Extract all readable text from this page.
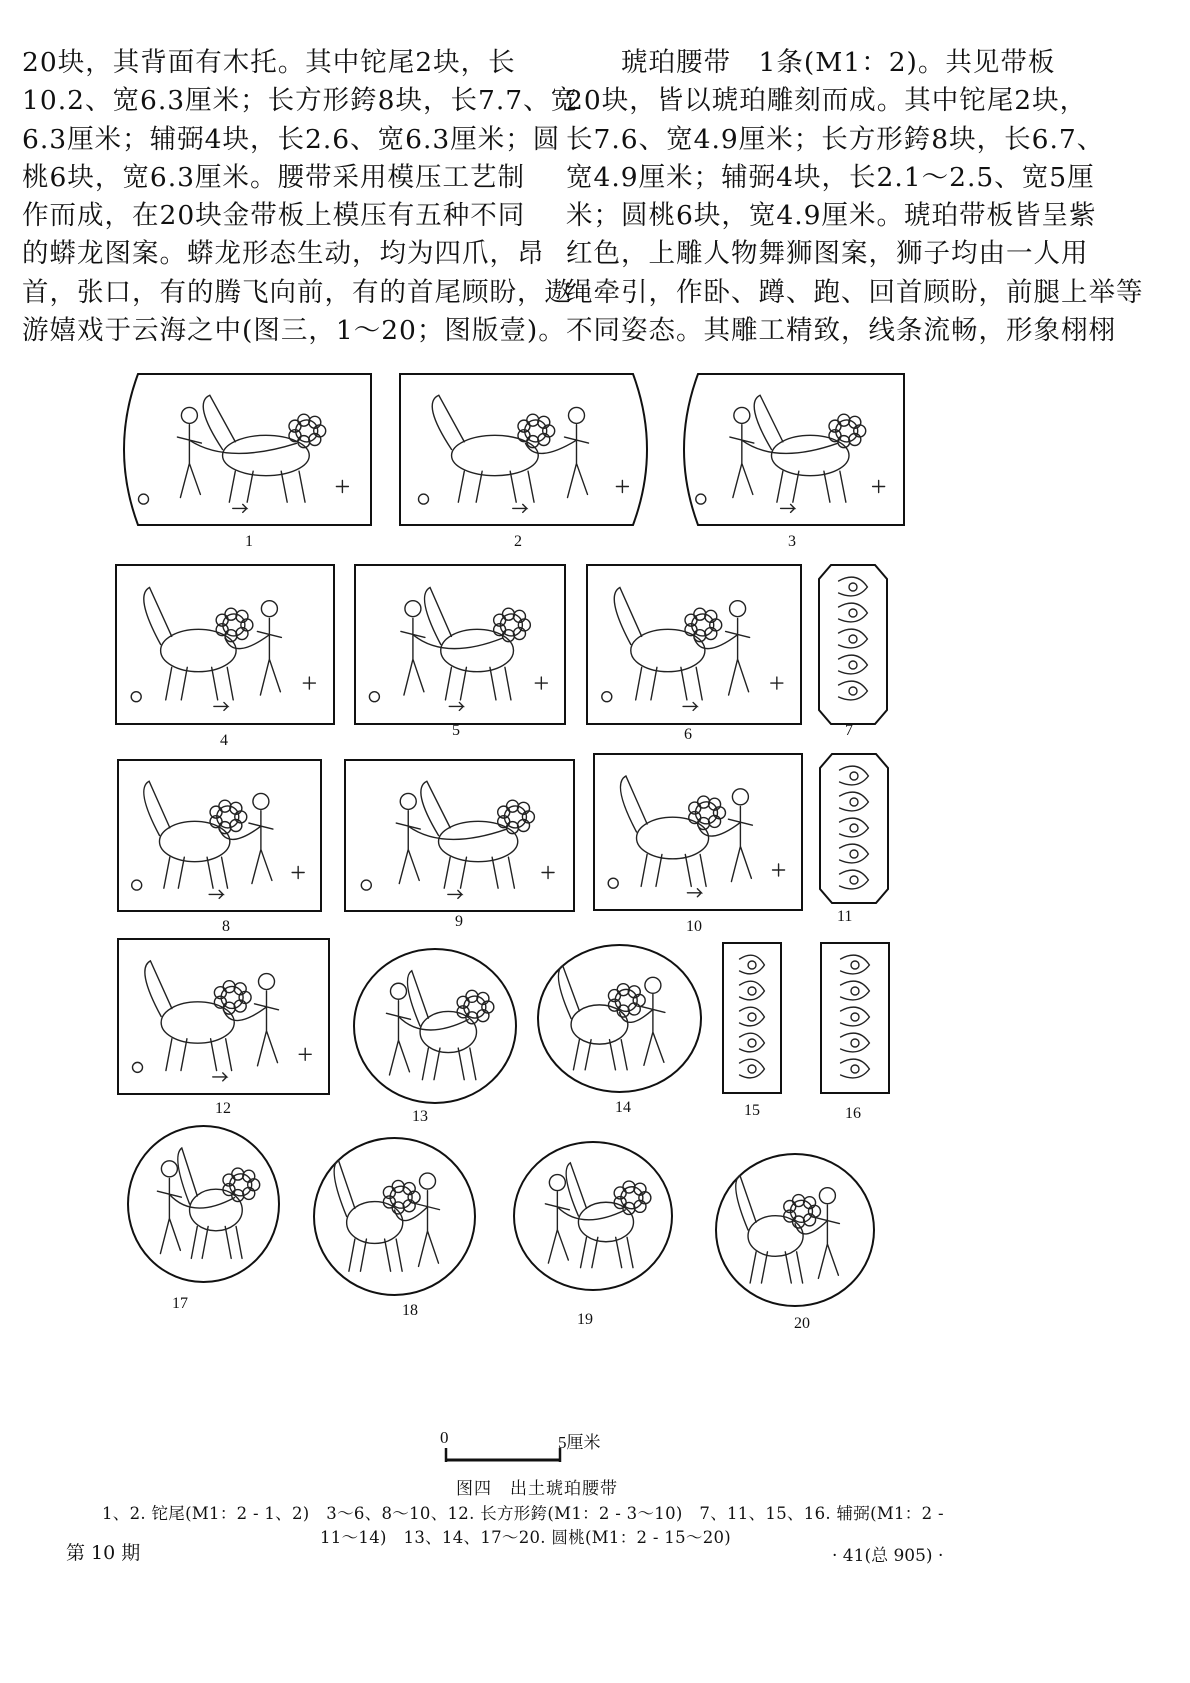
20块，其背面有木托。其中铊尾2块，长

10.2、宽6.3厘米；长方形銙8块，长7.7、宽

6.3厘米；辅弼4块，长2.6、宽6.3厘米；圆

桃6块，宽6.3厘米。腰带采用模压工艺制

作而成，在20块金带板上模压有五种不同

的蟒龙图案。蟒龙形态生动，均为四爪，昂

首，张口，有的腾飞向前，有的首尾顾盼，遨

游嬉戏于云海之中(图三，1～20；图版壹)。

　　琥珀腰带　1条(M1：2)。共见带板

20块，皆以琥珀雕刻而成。其中铊尾2块，

长7.6、宽4.9厘米；长方形銙8块，长6.7、

宽4.9厘米；辅弼4块，长2.1～2.5、宽5厘

米；圆桃6块，宽4.9厘米。琥珀带板皆呈紫

红色，上雕人物舞狮图案，狮子均由一人用

绳牵引，作卧、蹲、跑、回首顾盼，前腿上举等

不同姿态。其雕工精致，线条流畅，形象栩栩

1	2	3
4
5	6	7
8	9	10
11
12	13
14	15	16
17	18
19	20
0	5厘米
图四　出土琥珀腰带
1、2. 铊尾(M1：2 - 1、2)　3～6、8～10、12. 长方形銙(M1：2 - 3～10)　7、11、15、16. 辅弼(M1：2 -
11～14)　13、14、17～20. 圆桃(M1：2 - 15～20)
第 10 期	· 41(总 905) ·
